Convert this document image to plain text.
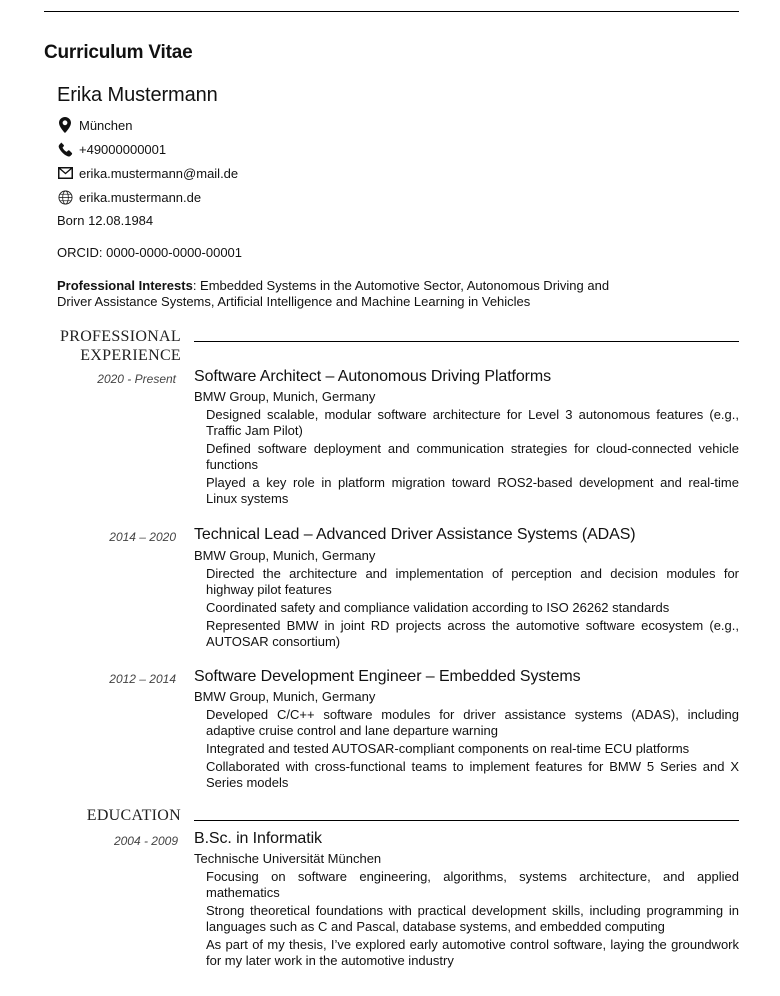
Curriculum Vitae
Erika Mustermann
München
+49000000001
erika.mustermann@mail.de
erika.mustermann.de
Born 12.08.1984
ORCID: 0000-0000-0000-00001
Professional Interests: Embedded Systems in the Automotive Sector, Autonomous Driving and Driver Assistance Systems, Artificial Intelligence and Machine Learning in Vehicles
PROFESSIONAL
EXPERIENCE
2020 - Present Software Architect – Autonomous Driving Platforms
BMW Group, Munich, Germany
Designed scalable, modular software architecture for Level 3 autonomous features (e.g., Traffic Jam Pilot)
Defined software deployment and communication strategies for cloud-connected vehicle functions
Played a key role in platform migration toward ROS2-based development and real-time Linux systems
2014 – 2020 Technical Lead – Advanced Driver Assistance Systems (ADAS)
BMW Group, Munich, Germany
Directed the architecture and implementation of perception and decision modules for highway pilot features
Coordinated safety and compliance validation according to ISO 26262 standards
Represented BMW in joint RD projects across the automotive software ecosystem (e.g., AUTOSAR consortium)
2012 – 2014 Software Development Engineer – Embedded Systems
BMW Group, Munich, Germany
Developed C/C++ software modules for driver assistance systems (ADAS), including adaptive cruise control and lane departure warning
Integrated and tested AUTOSAR-compliant components on real-time ECU platforms
Collaborated with cross-functional teams to implement features for BMW 5 Series and X Series models
EDUCATION
2004 - 2009 B.Sc. in Informatik
Technische Universität München
Focusing on software engineering, algorithms, systems architecture, and applied mathematics
Strong theoretical foundations with practical development skills, including programming in languages such as C and Pascal, database systems, and embedded computing
As part of my thesis, I’ve explored early automotive control software, laying the groundwork for my later work in the automotive industry
